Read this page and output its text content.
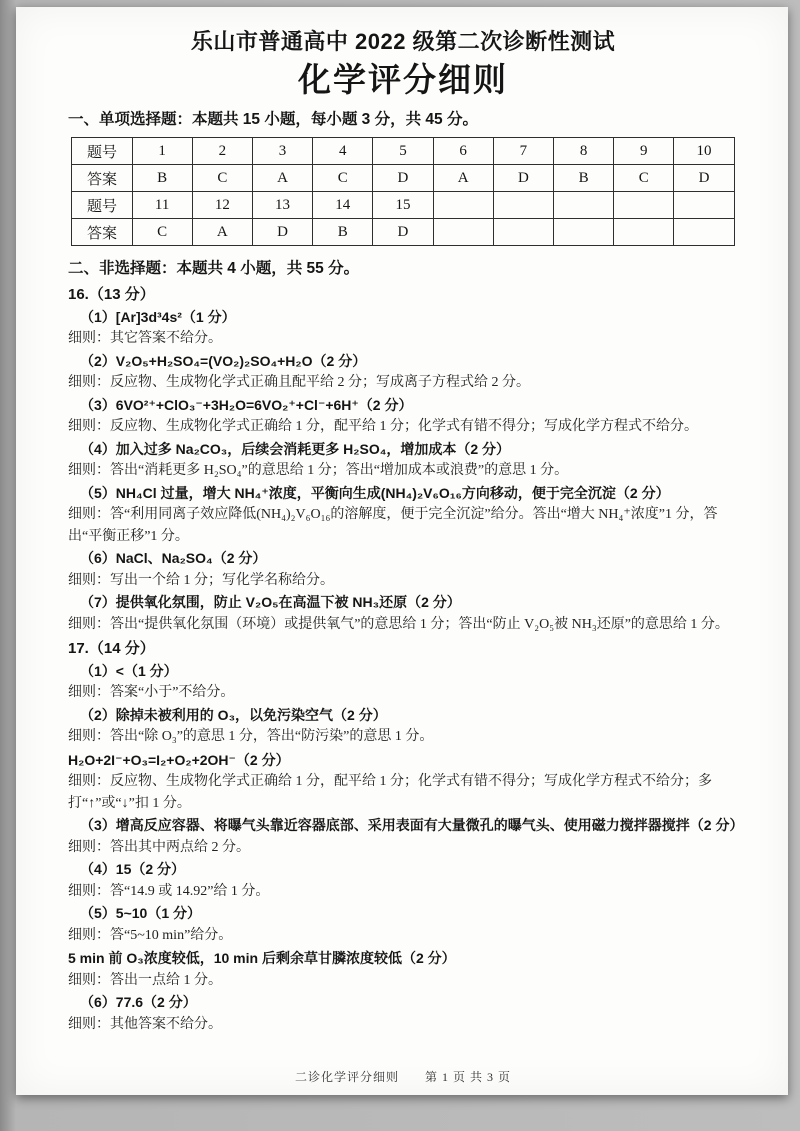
乐山市普通高中 2022 级第二次诊断性测试
化学评分细则
一、单项选择题：本题共 15 小题，每小题 3 分，共 45 分。
题号	1	2	3	4	5	6	7	8	9	10
答案	B	C	A	C	D	A	D	B	C	D
题号	11	12	13	14	15					
答案	C	A	D	B	D					
二、非选择题：本题共 4 小题，共 55 分。
16.（13 分）
（1）[Ar]3d³4s²（1 分）
细则：其它答案不给分。
（2）V₂O₅+H₂SO₄=(VO₂)₂SO₄+H₂O（2 分）
细则：反应物、生成物化学式正确且配平给 2 分；写成离子方程式给 2 分。
（3）6VO²⁺+ClO₃⁻+3H₂O=6VO₂⁺+Cl⁻+6H⁺（2 分）
细则：反应物、生成物化学式正确给 1 分，配平给 1 分；化学式有错不得分；写成化学方程式不给分。
（4）加入过多 Na₂CO₃，后续会消耗更多 H₂SO₄，增加成本（2 分）
细则：答出“消耗更多 H₂SO₄”的意思给 1 分；答出“增加成本或浪费”的意思 1 分。
（5）NH₄Cl 过量，增大 NH₄⁺浓度，平衡向生成(NH₄)₂V₆O₁₆方向移动，便于完全沉淀（2 分）
细则：答“利用同离子效应降低(NH₄)₂V₆O₁₆的溶解度，便于完全沉淀”给分。答出“增大 NH₄⁺浓度”1 分，答出“平衡正移”1 分。
（6）NaCl、Na₂SO₄（2 分）
细则：写出一个给 1 分；写化学名称给分。
（7）提供氧化氛围，防止 V₂O₅在高温下被 NH₃还原（2 分）
细则：答出“提供氧化氛围（环境）或提供氧气”的意思给 1 分；答出“防止 V₂O₅被 NH₃还原”的意思给 1 分。
17.（14 分）
（1）<（1 分）
细则：答案“小于”不给分。
（2）除掉未被利用的 O₃，以免污染空气（2 分）
细则：答出“除 O₃”的意思 1 分，答出“防污染”的意思 1 分。
H₂O+2I⁻+O₃=I₂+O₂+2OH⁻（2 分）
细则：反应物、生成物化学式正确给 1 分，配平给 1 分；化学式有错不得分；写成化学方程式不给分；多打“↑”或“↓”扣 1 分。
（3）增高反应容器、将曝气头靠近容器底部、采用表面有大量微孔的曝气头、使用磁力搅拌器搅拌（2 分）
细则：答出其中两点给 2 分。
（4）15（2 分）
细则：答“14.9 或 14.92”给 1 分。
（5）5~10（1 分）
细则：答“5~10 min”给分。
5 min 前 O₃浓度较低，10 min 后剩余草甘膦浓度较低（2 分）
细则：答出一点给 1 分。
（6）77.6（2 分）
细则：其他答案不给分。
二诊化学评分细则　　第 1 页 共 3 页
